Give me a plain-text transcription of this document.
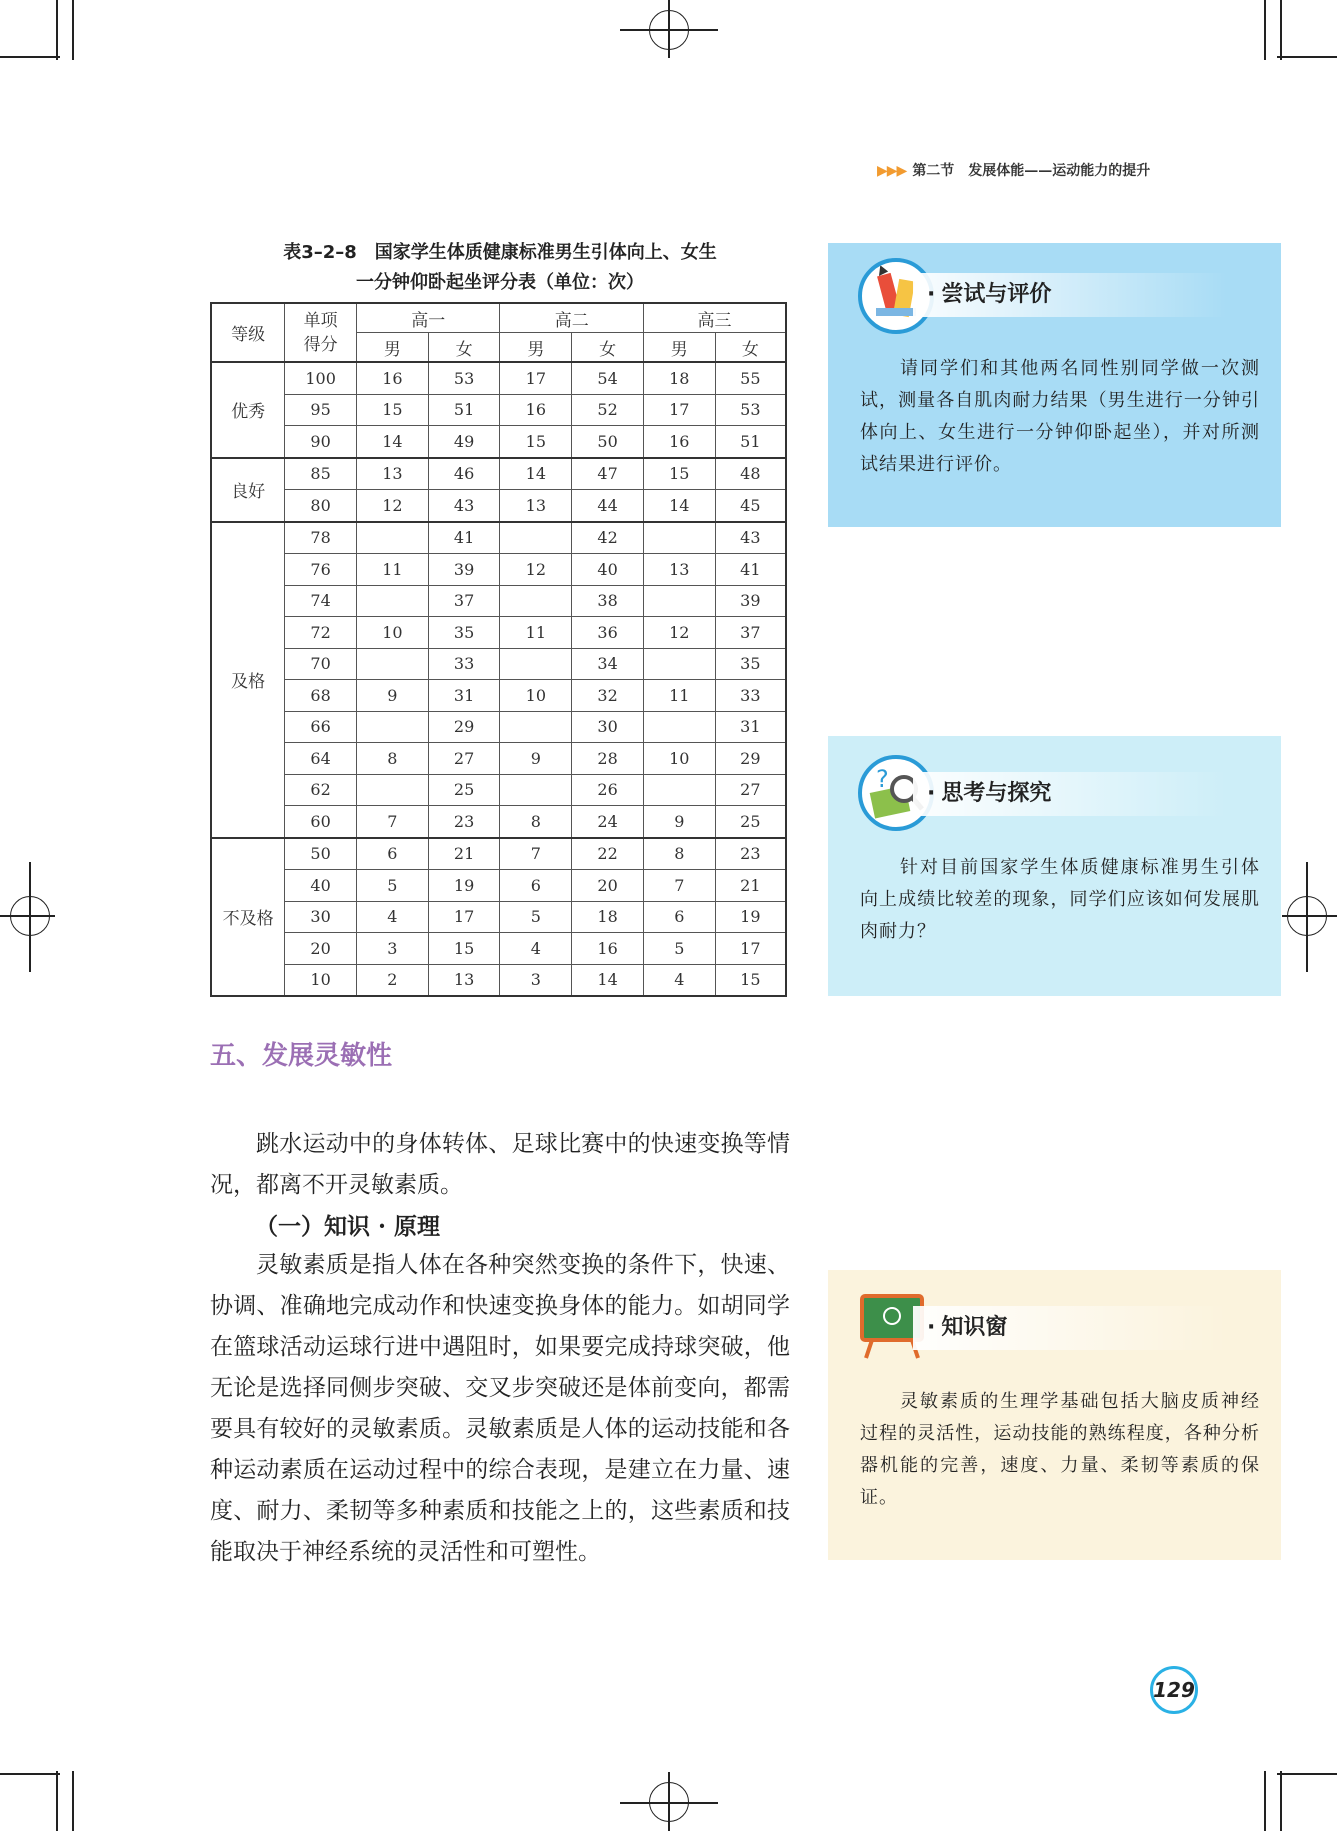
▶▶▶ 第二节　发展体能——运动能力的提升
表3–2–8　国家学生体质健康标准男生引体向上、女生
一分钟仰卧起坐评分表（单位：次）
等级	单项
得分	高一		高二		高三	
		男	女	男	女	男	女
优秀	100	16	53	17	54	18	55
	95	15	51	16	52	17	53
	90	14	49	15	50	16	51
良好	85	13	46	14	47	15	48
	80	12	43	13	44	14	45
及格	78		41		42		43
	76	11	39	12	40	13	41
	74		37		38		39
	72	10	35	11	36	12	37
	70		33		34		35
	68	9	31	10	32	11	33
	66		29		30		31
	64	8	27	9	28	10	29
	62		25		26		27
	60	7	23	8	24	9	25
不及格	50	6	21	7	22	8	23
	40	5	19	6	20	7	21
	30	4	17	5	18	6	19
	20	3	15	4	16	5	17
	10	2	13	3	14	4	15
五、发展灵敏性
跳水运动中的身体转体、足球比赛中的快速变换等情况，都离不开灵敏素质。
（一）知识 · 原理
灵敏素质是指人体在各种突然变换的条件下，快速、协调、准确地完成动作和快速变换身体的能力。如胡同学在篮球活动运球行进中遇阻时，如果要完成持球突破，他无论是选择同侧步突破、交叉步突破还是体前变向，都需要具有较好的灵敏素质。灵敏素质是人体的运动技能和各种运动素质在运动过程中的综合表现，是建立在力量、速度、耐力、柔韧等多种素质和技能之上的，这些素质和技能取决于神经系统的灵活性和可塑性。
· 尝试与评价
请同学们和其他两名同性别同学做一次测试，测量各自肌肉耐力结果（男生进行一分钟引体向上、女生进行一分钟仰卧起坐），并对所测试结果进行评价。
?
· 思考与探究
针对目前国家学生体质健康标准男生引体向上成绩比较差的现象，同学们应该如何发展肌肉耐力？
· 知识窗
灵敏素质的生理学基础包括大脑皮质神经过程的灵活性，运动技能的熟练程度，各种分析器机能的完善，速度、力量、柔韧等素质的保证。
129
